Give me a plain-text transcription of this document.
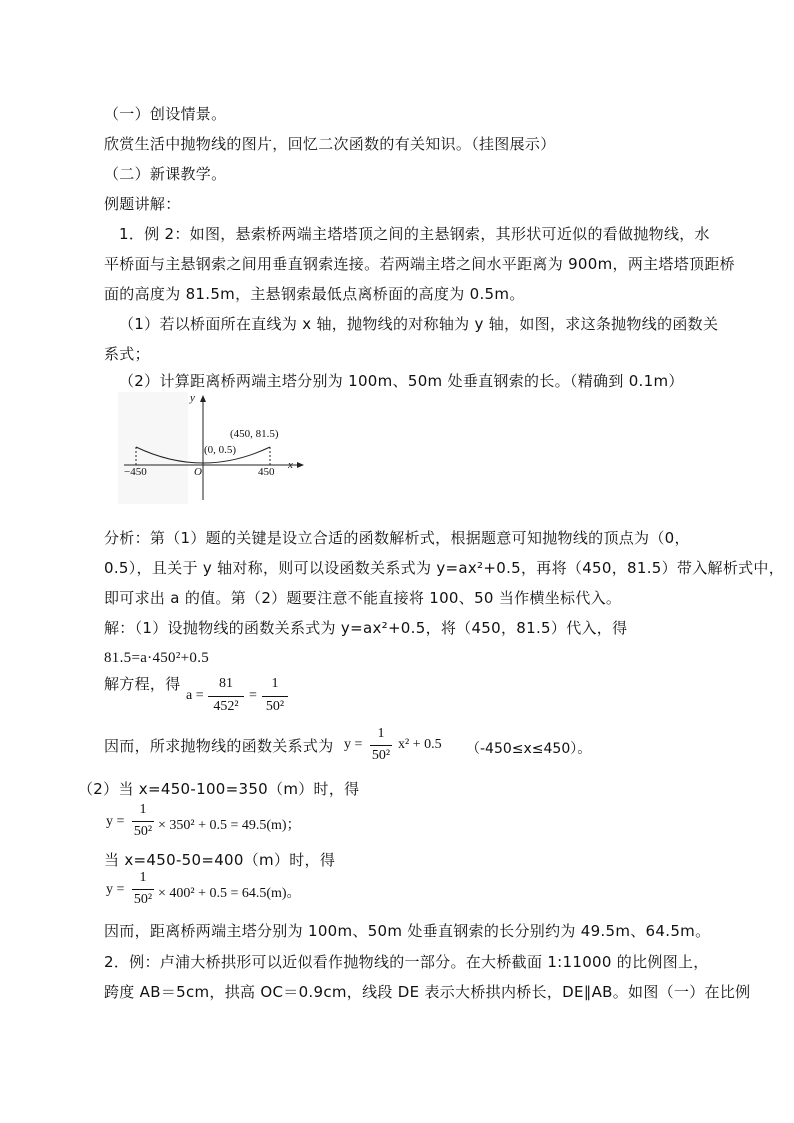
（一）创设情景。
欣赏生活中抛物线的图片，回忆二次函数的有关知识。（挂图展示）
（二）新课教学。
例题讲解：
1．例 2：如图，悬索桥两端主塔塔顶之间的主悬钢索，其形状可近似的看做抛物线，水
平桥面与主悬钢索之间用垂直钢索连接。若两端主塔之间水平距离为 900m，两主塔塔顶距桥
面的高度为 81.5m，主悬钢索最低点离桥面的高度为 0.5m。
（1）若以桥面所在直线为 x 轴，抛物线的对称轴为 y 轴，如图，求这条抛物线的函数关
系式；
（2）计算距离桥两端主塔分别为 100m、50m 处垂直钢索的长。（精确到 0.1m）
y
x
O
(0, 0.5)
(450, 81.5)
−450	450
分析：第（1）题的关键是设立合适的函数解析式，根据题意可知抛物线的顶点为（0，
0.5），且关于 y 轴对称，则可以设函数关系式为 y=ax²+0.5，再将（450，81.5）带入解析式中，
即可求出 a 的值。第（2）题要注意不能直接将 100、50 当作横坐标代入。
解：（1）设抛物线的函数关系式为 y=ax²+0.5，将（450，81.5）代入，得
81.5=a·450²+0.5
解方程，得
a =
81
452²
=
1
50²
因而，所求抛物线的函数关系式为 y =
1
50²
x² + 0.5 （-450≤x≤450）。
（2）当 x=450-100=350（m）时，得
y =
1
50² × 350² + 0.5 = 49.5(m)；
当 x=450-50=400（m）时，得
y =
1
50² × 400² + 0.5 = 64.5(m)。
因而，距离桥两端主塔分别为 100m、50m 处垂直钢索的长分别约为 49.5m、64.5m。
2．例：卢浦大桥拱形可以近似看作抛物线的一部分。在大桥截面 1:11000 的比例图上，
跨度 AB＝5cm，拱高 OC＝0.9cm，线段 DE 表示大桥拱内桥长，DE∥AB。如图（一）在比例
